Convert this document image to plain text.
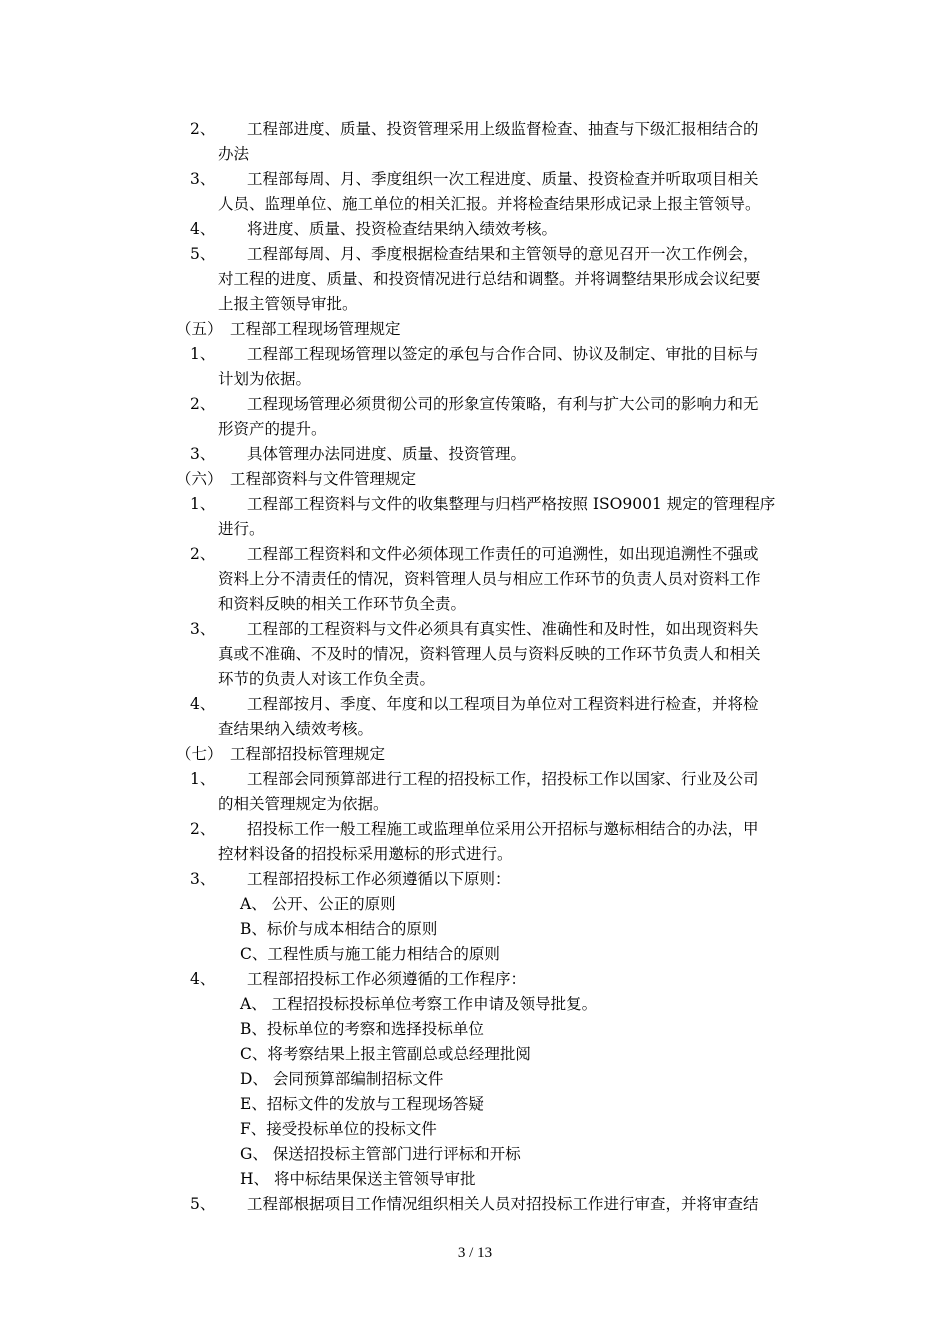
2、 工程部进度、质量、投资管理采用上级监督检查、抽查与下级汇报相结合的
办法
3、 工程部每周、月、季度组织一次工程进度、质量、投资检查并听取项目相关
人员、监理单位、施工单位的相关汇报。并将检查结果形成记录上报主管领导。
4、 将进度、质量、投资检查结果纳入绩效考核。
5、 工程部每周、月、季度根据检查结果和主管领导的意见召开一次工作例会，
对工程的进度、质量、和投资情况进行总结和调整。并将调整结果形成会议纪要
上报主管领导审批。
（五） 工程部工程现场管理规定
1、 工程部工程现场管理以签定的承包与合作合同、协议及制定、审批的目标与
计划为依据。
2、 工程现场管理必须贯彻公司的形象宣传策略，有利与扩大公司的影响力和无
形资产的提升。
3、 具体管理办法同进度、质量、投资管理。
（六） 工程部资料与文件管理规定
1、 工程部工程资料与文件的收集整理与归档严格按照 ISO9001 规定的管理程序
进行。
2、 工程部工程资料和文件必须体现工作责任的可追溯性，如出现追溯性不强或
资料上分不清责任的情况，资料管理人员与相应工作环节的负责人员对资料工作
和资料反映的相关工作环节负全责。
3、 工程部的工程资料与文件必须具有真实性、准确性和及时性，如出现资料失
真或不准确、不及时的情况，资料管理人员与资料反映的工作环节负责人和相关
环节的负责人对该工作负全责。
4、 工程部按月、季度、年度和以工程项目为单位对工程资料进行检查，并将检
查结果纳入绩效考核。
（七） 工程部招投标管理规定
1、 工程部会同预算部进行工程的招投标工作，招投标工作以国家、行业及公司
的相关管理规定为依据。
2、 招投标工作一般工程施工或监理单位采用公开招标与邀标相结合的办法，甲
控材料设备的招投标采用邀标的形式进行。
3、 工程部招投标工作必须遵循以下原则：
A、 公开、公正的原则
B、标价与成本相结合的原则
C、工程性质与施工能力相结合的原则
4、 工程部招投标工作必须遵循的工作程序：
A、 工程招投标投标单位考察工作申请及领导批复。
B、投标单位的考察和选择投标单位
C、将考察结果上报主管副总或总经理批阅
D、 会同预算部编制招标文件
E、招标文件的发放与工程现场答疑
F、接受投标单位的投标文件
G、 保送招投标主管部门进行评标和开标
H、 将中标结果保送主管领导审批
5、 工程部根据项目工作情况组织相关人员对招投标工作进行审查，并将审查结
3 / 13
